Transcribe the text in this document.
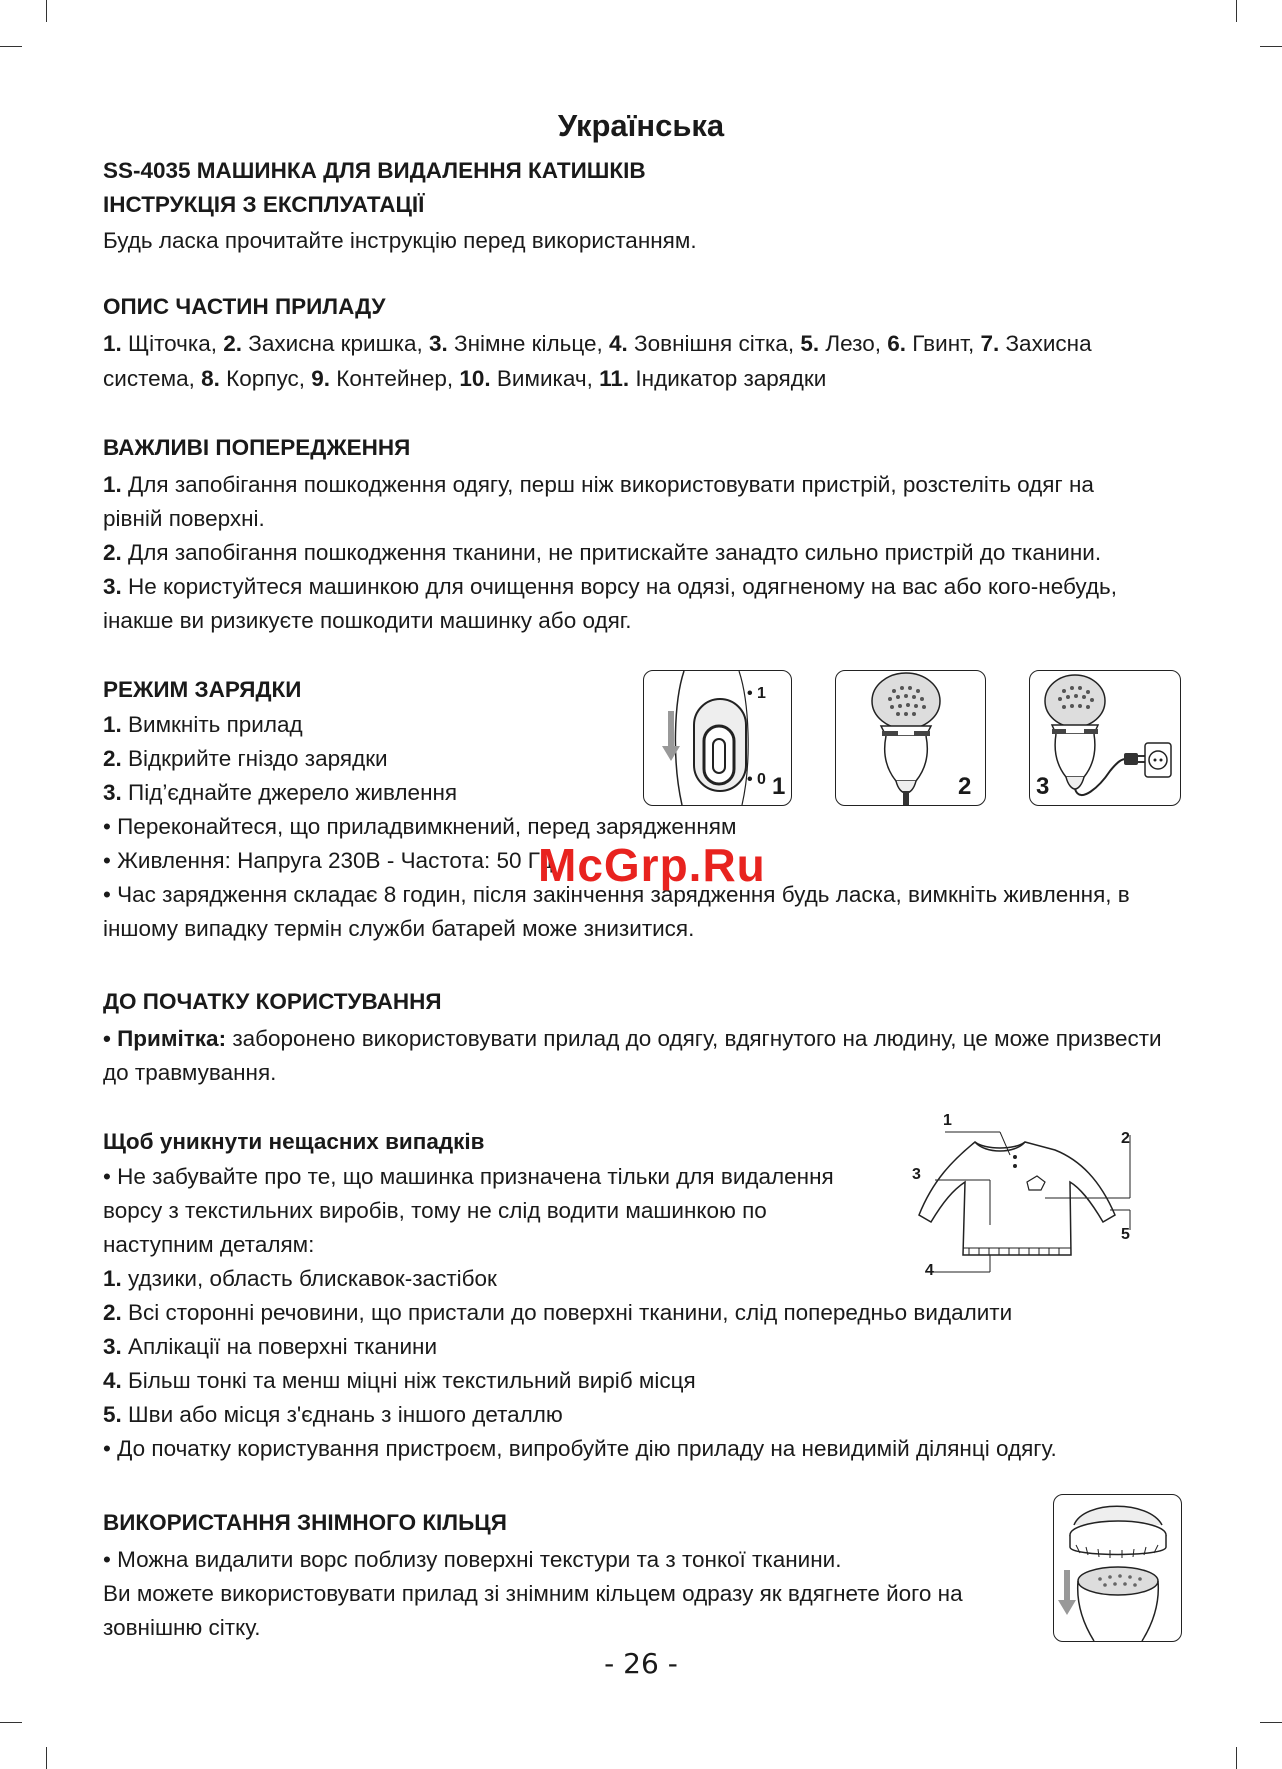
Українська

SS-4035 МАШИНКА ДЛЯ ВИДАЛЕННЯ КАТИШКІВ

ІНСТРУКЦІЯ З ЕКСПЛУАТАЦІЇ

Будь ласка прочитайте інструкцію перед використанням.

ОПИС ЧАСТИН ПРИЛАДУ

1. Щіточка, 2. Захисна кришка, 3. Знімне кільце, 4. Зовнішня сітка, 5. Лезо, 6. Гвинт, 7. Захисна

система, 8. Корпус, 9. Контейнер, 10. Вимикач, 11. Індикатор зарядки

ВАЖЛИВІ ПОПЕРЕДЖЕННЯ

1. Для запобігання пошкодження одягу, перш ніж використовувати пристрій, розстеліть одяг на

рівній поверхні.

2. Для запобігання пошкодження тканини, не притискайте занадто сильно пристрій до тканини.

3. Не користуйтеся машинкою для очищення ворсу на одязі, одягненому на вас або кого-небудь,

інакше ви ризикуєте пошкодити машинку або одяг.

РЕЖИМ ЗАРЯДКИ

1. Вимкніть прилад

2. Відкрийте гніздо зарядки

3. Під’єднайте джерело живлення

• Переконайтеся, що приладвимкнений, перед зарядженням

• Живлення: Напруга 230В - Частота: 50 Гц

• Час зарядження складає 8 годин, після закінчення зарядження будь ласка, вимкніть живлення, в

іншому випадку термін служби батарей може знизитися.

• 1
• 0 1	2	3
McGrp.Ru

ДО ПОЧАТКУ КОРИСТУВАННЯ

• Примітка: заборонено використовувати прилад до одягу, вдягнутого на людину, це може призвести

до травмування.

Щоб уникнути нещасних випадків

• Не забувайте про те, що машинка призначена тільки для видалення

ворсу з текстильних виробів, тому не слід водити машинкою по

наступним деталям:

1. удзики, область блискавок-застібок

2. Всі сторонні речовини, що пристали до поверхні тканини, слід попередньо видалити

3. Аплікації на поверхні тканини

4. Більш тонкі та менш міцні ніж текстильний виріб місця

5. Шви або місця з'єднань з іншого деталлю

• До початку користування пристроєм, випробуйте дію приладу на невидимій ділянці одягу.

1
2
3
4
5

ВИКОРИСТАННЯ ЗНІМНОГО КІЛЬЦЯ

• Можна видалити ворс поблизу поверхні текстури та з тонкої тканини.

Ви можете використовувати прилад зі знімним кільцем одразу як вдягнете його на

зовнішню сітку.

- 26 -
